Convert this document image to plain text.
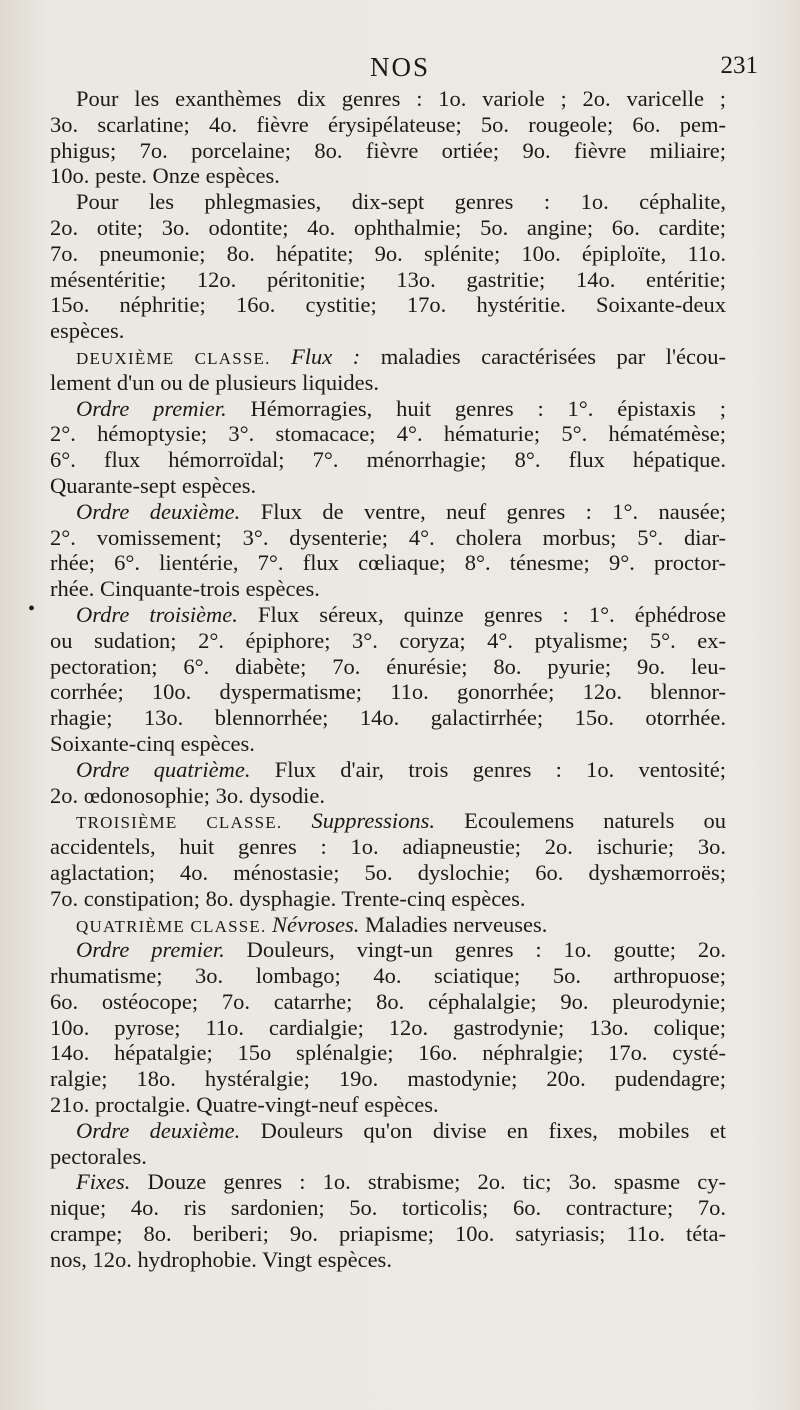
NOS	231
•

Pour les exanthèmes dix genres : 1o. variole ; 2o. varicelle ;

3o. scarlatine; 4o. fièvre érysipélateuse; 5o. rougeole; 6o. pem-

phigus; 7o. porcelaine; 8o. fièvre ortiée; 9o. fièvre miliaire;

10o. peste. Onze espèces.

Pour les phlegmasies, dix-sept genres : 1o. céphalite,

2o. otite; 3o. odontite; 4o. ophthalmie; 5o. angine; 6o. cardite;

7o. pneumonie; 8o. hépatite; 9o. splénite; 10o. épiploïte, 11o.

mésentéritie; 12o. péritonitie; 13o. gastritie; 14o. entéritie;

15o. néphritie; 16o. cystitie; 17o. hystéritie. Soixante-deux

espèces.

DEUXIÈME CLASSE. Flux : maladies caractérisées par l'écou-

lement d'un ou de plusieurs liquides.

Ordre premier. Hémorragies, huit genres : 1°. épistaxis ;

2°. hémoptysie; 3°. stomacace; 4°. hématurie; 5°. hématémèse;

6°. flux hémorroïdal; 7°. ménorrhagie; 8°. flux hépatique.

Quarante-sept espèces.

Ordre deuxième. Flux de ventre, neuf genres : 1°. nausée;

2°. vomissement; 3°. dysenterie; 4°. cholera morbus; 5°. diar-

rhée; 6°. lientérie, 7°. flux cœliaque; 8°. ténesme; 9°. proctor-

rhée. Cinquante-trois espèces.

Ordre troisième. Flux séreux, quinze genres : 1°. éphédrose

ou sudation; 2°. épiphore; 3°. coryza; 4°. ptyalisme; 5°. ex-

pectoration; 6°. diabète; 7o. énurésie; 8o. pyurie; 9o. leu-

corrhée; 10o. dyspermatisme; 11o. gonorrhée; 12o. blennor-

rhagie; 13o. blennorrhée; 14o. galactirrhée; 15o. otorrhée.

Soixante-cinq espèces.

Ordre quatrième. Flux d'air, trois genres : 1o. ventosité;

2o. œdonosophie; 3o. dysodie.

TROISIÈME CLASSE. Suppressions. Ecoulemens naturels ou

accidentels, huit genres : 1o. adiapneustie; 2o. ischurie; 3o.

aglactation; 4o. ménostasie; 5o. dyslochie; 6o. dyshæmorroës;

7o. constipation; 8o. dysphagie. Trente-cinq espèces.

QUATRIÈME CLASSE. Névroses. Maladies nerveuses.

Ordre premier. Douleurs, vingt-un genres : 1o. goutte; 2o.

rhumatisme; 3o. lombago; 4o. sciatique; 5o. arthropuose;

6o. ostéocope; 7o. catarrhe; 8o. céphalalgie; 9o. pleurodynie;

10o. pyrose; 11o. cardialgie; 12o. gastrodynie; 13o. colique;

14o. hépatalgie; 15o splénalgie; 16o. néphralgie; 17o. cysté-

ralgie; 18o. hystéralgie; 19o. mastodynie; 20o. pudendagre;

21o. proctalgie. Quatre-vingt-neuf espèces.

Ordre deuxième. Douleurs qu'on divise en fixes, mobiles et

pectorales.

Fixes. Douze genres : 1o. strabisme; 2o. tic; 3o. spasme cy-

nique; 4o. ris sardonien; 5o. torticolis; 6o. contracture; 7o.

crampe; 8o. beriberi; 9o. priapisme; 10o. satyriasis; 11o. téta-

nos, 12o. hydrophobie. Vingt espèces.
